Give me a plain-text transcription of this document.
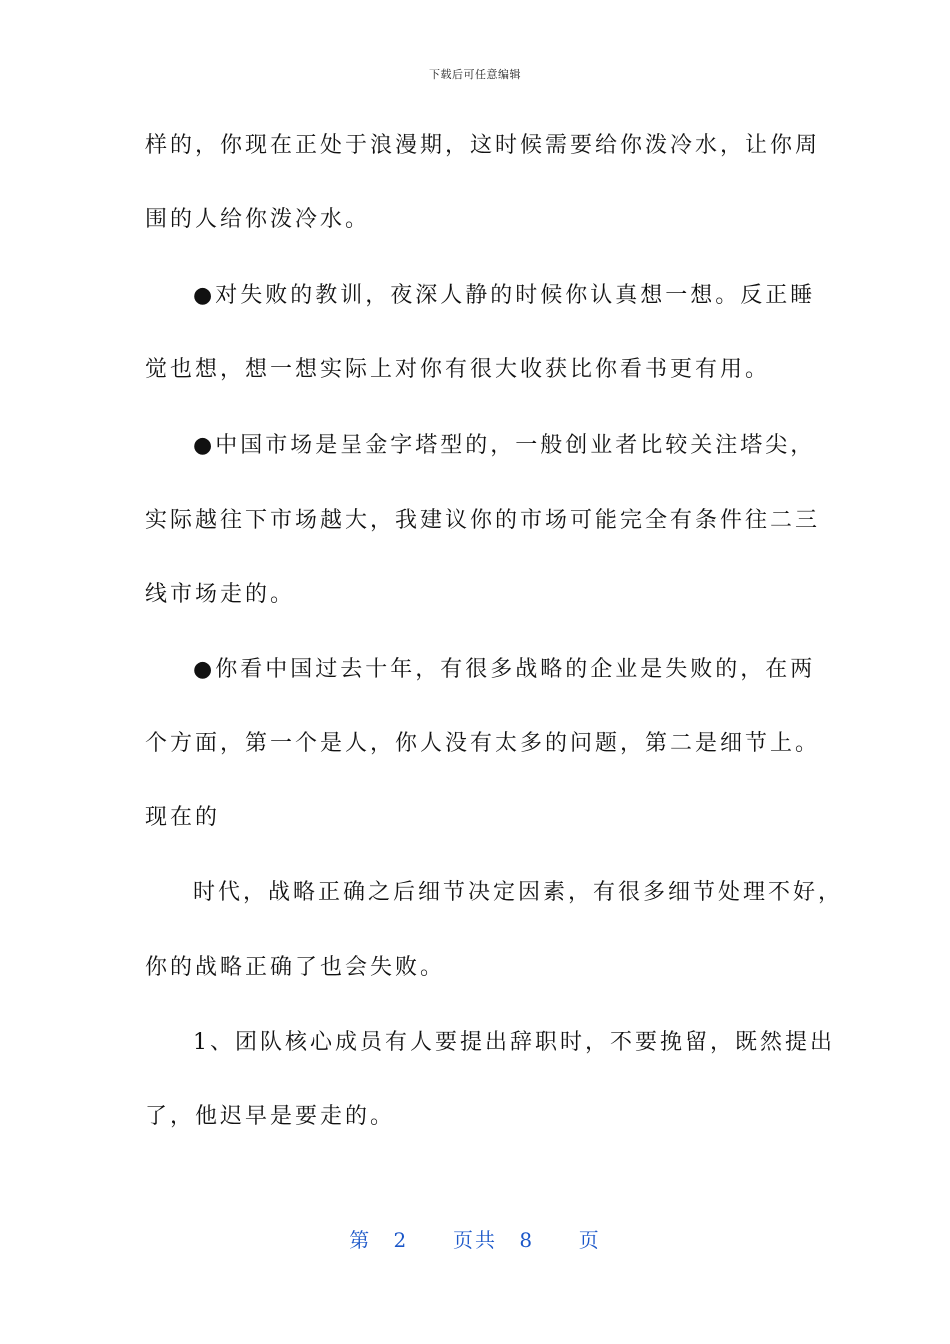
下载后可任意编辑
样的，你现在正处于浪漫期，这时候需要给你泼冷水，让你周
围的人给你泼冷水。
●对失败的教训，夜深人静的时候你认真想一想。反正睡
觉也想，想一想实际上对你有很大收获比你看书更有用。
●中国市场是呈金字塔型的，一般创业者比较关注塔尖，
实际越往下市场越大，我建议你的市场可能完全有条件往二三
线市场走的。
●你看中国过去十年，有很多战略的企业是失败的，在两
个方面，第一个是人，你人没有太多的问题，第二是细节上。
现在的
时代，战略正确之后细节决定因素，有很多细节处理不好，
你的战略正确了也会失败。
1、团队核心成员有人要提出辞职时，不要挽留，既然提出
了，他迟早是要走的。
第 2  页共 8  页
